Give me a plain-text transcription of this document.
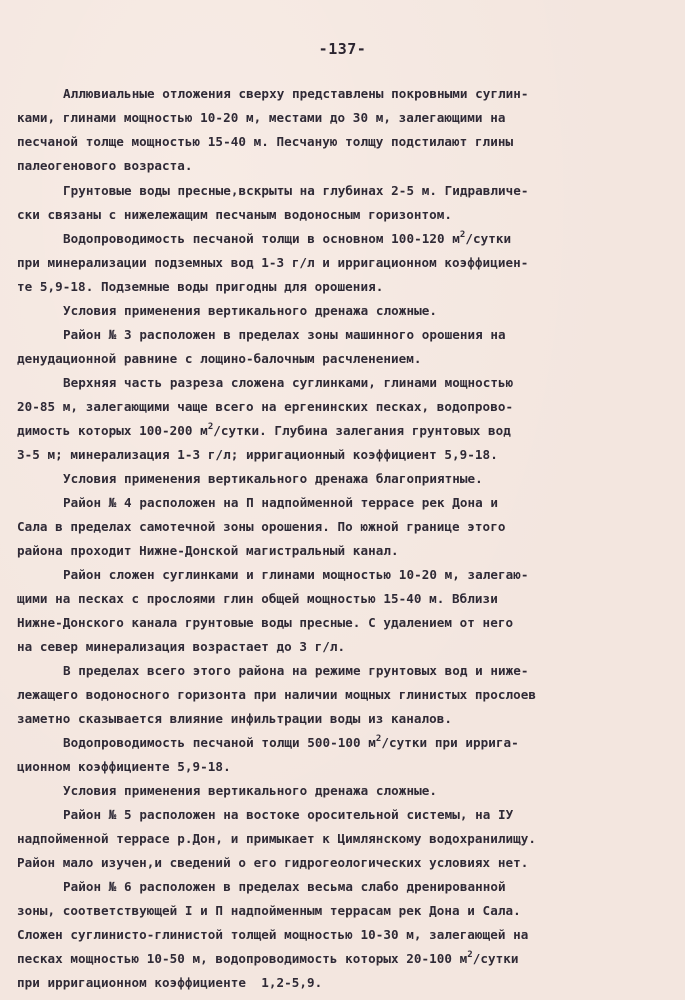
-137-
Аллювиальные отложения сверху представлены покровными суглин-
ками, глинами мощностью 10-20 м, местами до 30 м, залегающими на
песчаной толще мощностью 15-40 м. Песчаную толщу подстилают глины
палеогенового возраста.
Грунтовые воды пресные,вскрыты на глубинах 2-5 м. Гидравличе-
ски связаны с нижележащим песчаным водоносным горизонтом.
Водопроводимость песчаной толщи в основном 100-120 $м^2$/сутки
при минерализации подземных вод 1-3 г/л и ирригационном коэффициен-
те 5,9-18. Подземные воды пригодны для орошения.
Условия применения вертикального дренажа сложные.
Район № 3 расположен в пределах зоны машинного орошения на
денудационной равнине с лощино-балочным расчленением.
Верхняя часть разреза сложена суглинками, глинами мощностью
20-85 м, залегающими чаще всего на ергенинских песках, водопрово-
димость которых 100-200 $м^2$/сутки. Глубина залегания грунтовых вод
3-5 м; минерализация 1-3 г/л; ирригационный коэффициент 5,9-18.
Условия применения вертикального дренажа благоприятные.
Район № 4 расположен на П надпойменной террасе рек Дона и
Сала в пределах самотечной зоны орошения. По южной границе этого
района проходит Нижне-Донской магистральный канал.
Район сложен суглинками и глинами мощностью 10-20 м, залегаю-
щими на песках с прослоями глин общей мощностью 15-40 м. Вблизи
Нижне-Донского канала грунтовые воды пресные. С удалением от него
на север минерализация возрастает до 3 г/л.
В пределах всего этого района на режиме грунтовых вод и ниже-
лежащего водоносного горизонта при наличии мощных глинистых прослоев
заметно сказывается влияние инфильтрации воды из каналов.
Водопроводимость песчаной толщи 500-100 $м^2$/сутки при ирригa-
ционном коэффициенте 5,9-18.
Условия применения вертикального дренажа сложные.
Район № 5 расположен на востоке оросительной системы, на IУ
надпойменной террасе р.Дон, и примыкает к Цимлянскому водохранилищу.
Район мало изучен,и сведений о его гидрогеологических условиях нет.
Район № 6 расположен в пределах весьма слабо дренированной
зоны, соответствующей I и П надпойменным террасам рек Дона и Сала.
Сложен суглинисто-глинистой толщей мощностью 10-30 м, залегающей на
песках мощностью 10-50 м, водопроводимость которых 20-100 $м^2$/сутки
при ирригационном коэффициенте  1,2-5,9.
